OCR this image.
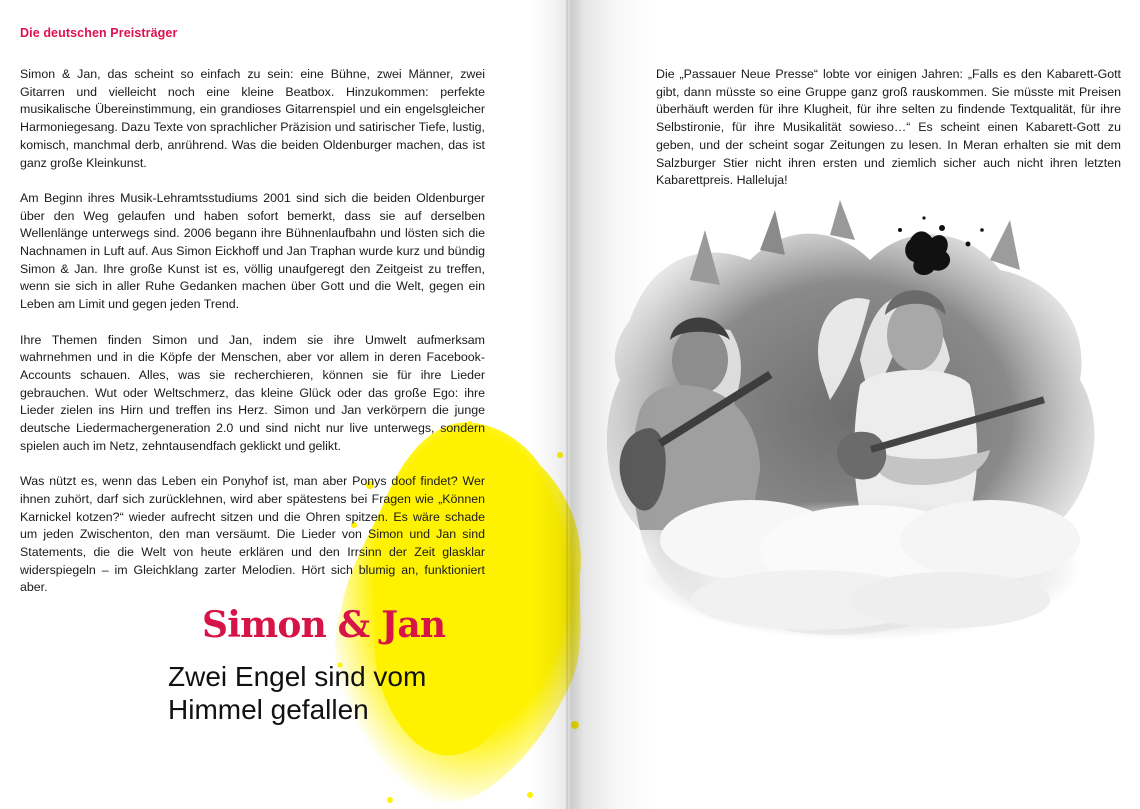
Die deutschen Preisträger

Simon & Jan, das scheint so einfach zu sein: eine Bühne, zwei Männer, zwei Gitarren und vielleicht noch eine kleine Beatbox. Hinzukommen: perfekte musikalische Übereinstimmung, ein grandioses Gitarrenspiel und ein engelsgleicher Harmoniegesang. Dazu Texte von sprachlicher Präzision und satirischer Tiefe, lustig, komisch, manchmal derb, anrührend. Was die beiden Oldenburger machen, das ist ganz große Kleinkunst.

Am Beginn ihres Musik-Lehramtsstudiums 2001 sind sich die beiden Oldenburger über den Weg gelaufen und haben sofort bemerkt, dass sie auf derselben Wellenlänge unterwegs sind. 2006 begann ihre Bühnenlaufbahn und lösten sich die Nachnamen in Luft auf. Aus Simon Eickhoff und Jan Traphan wurde kurz und bündig Simon & Jan. Ihre große Kunst ist es, völlig unaufgeregt den Zeitgeist zu treffen, wenn sie sich in aller Ruhe Gedanken machen über Gott und die Welt, gegen ein Leben am Limit und gegen jeden Trend.

Ihre Themen finden Simon und Jan, indem sie ihre Umwelt aufmerksam wahrnehmen und in die Köpfe der Menschen, aber vor allem in deren Facebook-Accounts schauen. Alles, was sie recherchieren, können sie für ihre Lieder gebrauchen. Wut oder Weltschmerz, das kleine Glück oder das große Ego: ihre Lieder zielen ins Hirn und treffen ins Herz. Simon und Jan verkörpern die junge deutsche Liedermachergeneration 2.0 und sind nicht nur live unterwegs, sondern spielen auch im Netz, zehntausendfach geklickt und gelikt.

Was nützt es, wenn das Leben ein Ponyhof ist, man aber Ponys doof findet? Wer ihnen zuhört, darf sich zurücklehnen, wird aber spätestens bei Fragen wie „Können Karnickel kotzen?“ wieder aufrecht sitzen und die Ohren spitzen. Es wäre schade um jeden Zwischenton, den man versäumt. Die Lieder von Simon und Jan sind Statements, die die Welt von heute erklären und den Irrsinn der Zeit glasklar widerspiegeln – im Gleichklang zarter Melodien. Hört sich blumig an, funktioniert aber.

Simon & Jan
Zwei Engel sind vom Himmel gefallen

Die „Passauer Neue Presse“ lobte vor einigen Jahren: „Falls es den Kabarett-Gott gibt, dann müsste so eine Gruppe ganz groß rauskommen. Sie müsste mit Preisen überhäuft werden für ihre Klugheit, für ihre selten zu findende Textqualität, für ihre Selbstironie, für ihre Musikalität sowieso…“ Es scheint einen Kabarett-Gott zu geben, und der scheint sogar Zeitungen zu lesen. In Meran erhalten sie mit dem Salzburger Stier nicht ihren ersten und ziemlich sicher auch nicht ihren letzten Kabarettpreis. Halleluja!
